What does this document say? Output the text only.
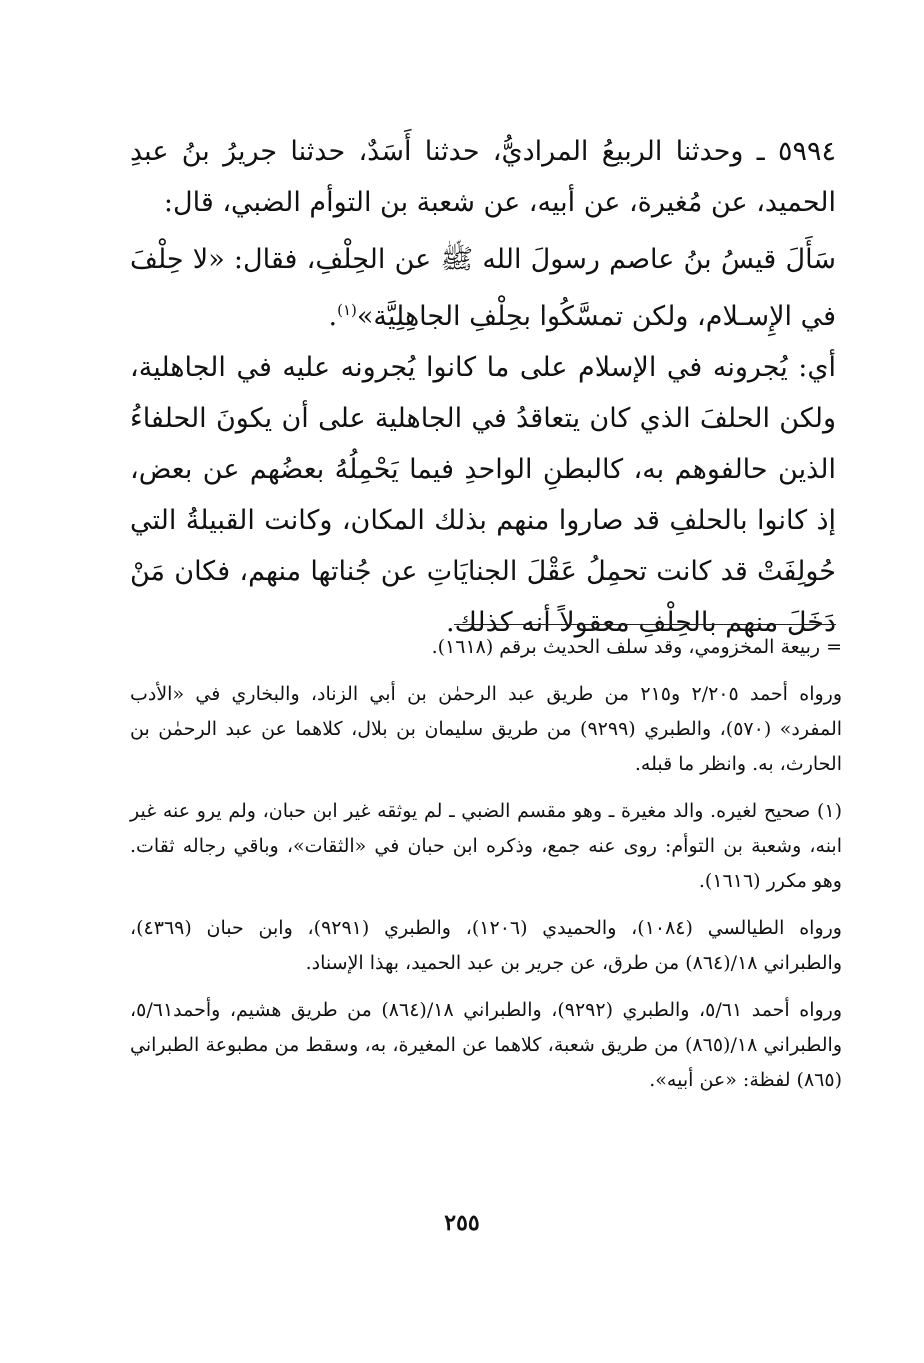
٥٩٩٤ ـ وحدثنا الربيعُ المراديُّ، حدثنا أَسَدٌ، حدثنا جريرُ بنُ عبدِ الحميد، عن مُغيرة، عن أبيه، عن شعبة بن التوأم الضبي، قال:

سَأَلَ قيسُ بنُ عاصم رسولَ الله ﷺ عن الحِلْفِ، فقال: «لا حِلْفَ في الإِسـلام، ولكن تمسَّكُوا بحِلْفِ الجاهِلِيَّة»$^{(١)}$.

أي: يُجرونه في الإسلام على ما كانوا يُجرونه عليه في الجاهلية، ولكن الحلفَ الذي كان يتعاقدُ في الجاهلية على أن يكونَ الحلفاءُ الذين حالفوهم به، كالبطنِ الواحدِ فيما يَحْمِلُهُ بعضُهم عن بعض، إذ كانوا بالحلفِ قد صاروا منهم بذلك المكان، وكانت القبيلةُ التي حُولِفَتْ قد كانت تحمِلُ عَقْلَ الجنايَاتِ عن جُناتها منهم، فكان مَنْ دَخَلَ منهم بالحِلْفِ معقولاً أنه كذلك.

= ربيعة المخزومي، وقد سلف الحديث برقم (١٦١٨).

ورواه أحمد ٢/٢٠٥ و٢١٥ من طريق عبد الرحمٰن بن أبي الزناد، والبخاري في «الأدب المفرد» (٥٧٠)، والطبري (٩٢٩٩) من طريق سليمان بن بلال، كلاهما عن عبد الرحمٰن بن الحارث، به. وانظر ما قبله.

(١) صحيح لغيره. والد مغيرة ـ وهو مقسم الضبي ـ لم يوثقه غير ابن حبان، ولم يرو عنه غير ابنه، وشعبة بن التوأم: روى عنه جمع، وذكره ابن حبان في «الثقات»، وباقي رجاله ثقات. وهو مكرر (١٦١٦).

ورواه الطيالسي (١٠٨٤)، والحميدي (١٢٠٦)، والطبري (٩٢٩١)، وابن حبان (٤٣٦٩)، والطبراني ١٨/(٨٦٤) من طرق، عن جرير بن عبد الحميد، بهذا الإسناد.

ورواه أحمد ٥/٦١، والطبري (٩٢٩٢)، والطبراني ١٨/(٨٦٤) من طريق هشيم، وأحمد٥/٦١، والطبراني ١٨/(٨٦٥) من طريق شعبة، كلاهما عن المغيرة، به، وسقط من مطبوعة الطبراني (٨٦٥) لفظة: «عن أبيه».

٢٥٥
